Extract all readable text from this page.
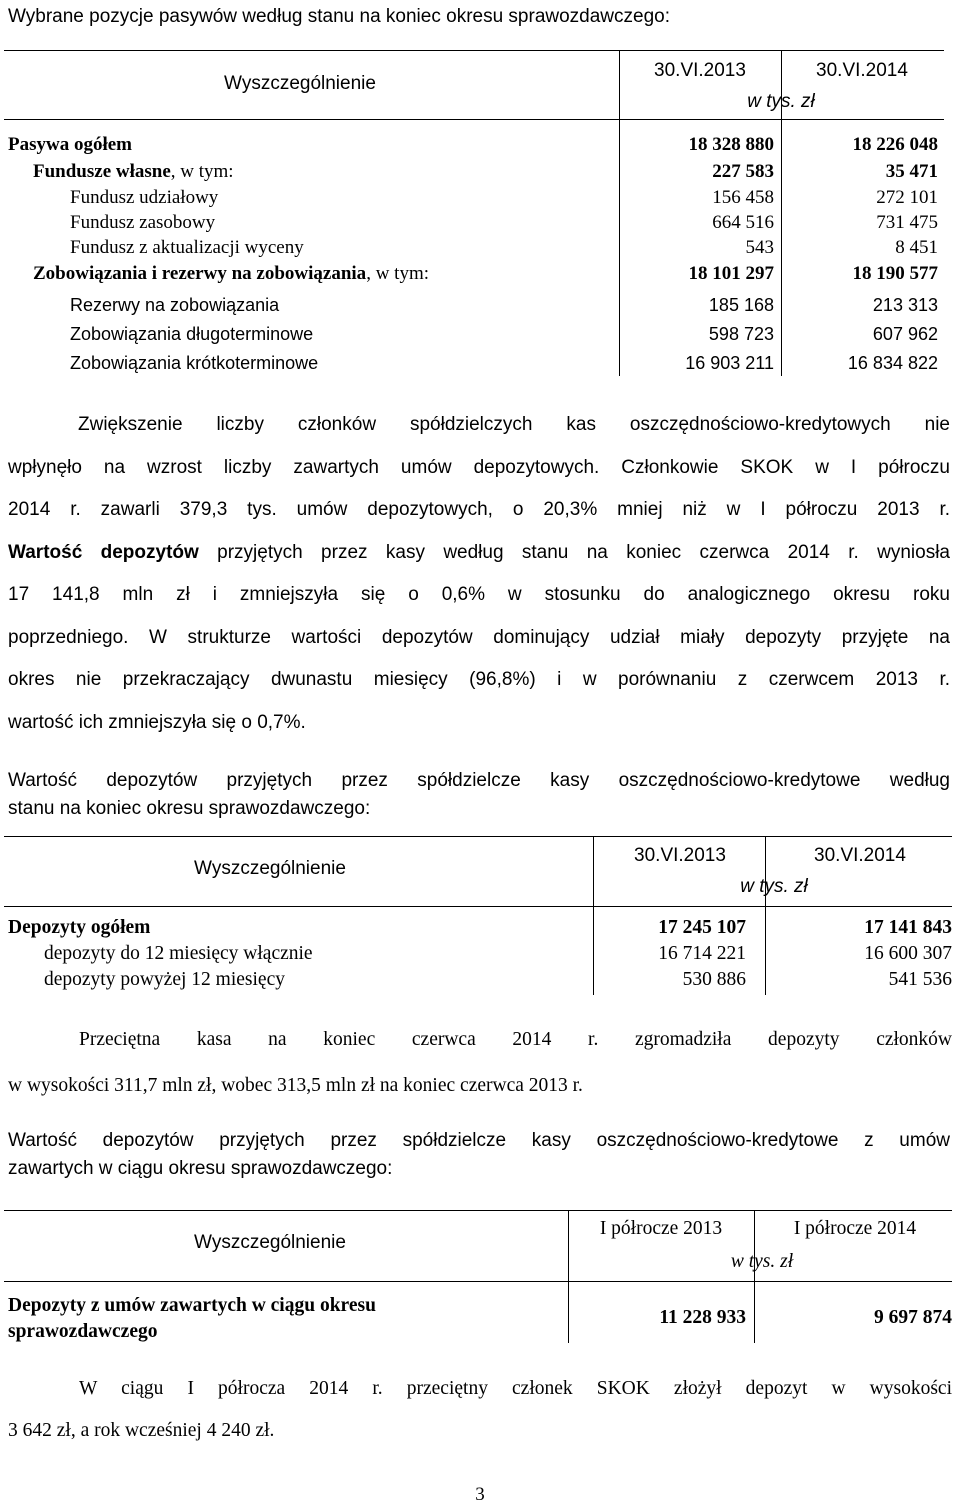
Wybrane pozycje pasywów według stanu na koniec okresu sprawozdawczego:
Wyszczególnienie
30.VI.2013	30.VI.2014
w tys. zł
Pasywa ogółem	18 328 880	18 226 048
Fundusze własne, w tym:	227 583	35 471
Fundusz udziałowy	156 458	272 101
Fundusz zasobowy	664 516	731 475
Fundusz z aktualizacji wyceny	543	8 451
Zobowiązania i rezerwy na zobowiązania, w tym:	18 101 297	18 190 577
Rezerwy na zobowiązania	185 168	213 313
Zobowiązania długoterminowe	598 723	607 962
Zobowiązania krótkoterminowe	16 903 211	16 834 822
Zwiększenie liczby członków spółdzielczych kas oszczędnościowo-kredytowych nie
wpłynęło na wzrost liczby zawartych umów depozytowych. Członkowie SKOK w I półroczu
2014 r. zawarli 379,3 tys. umów depozytowych, o 20,3% mniej niż w I półroczu 2013 r.
Wartość depozytów przyjętych przez kasy według stanu na koniec czerwca 2014 r. wyniosła
17 141,8 mln zł i zmniejszyła się o 0,6% w stosunku do analogicznego okresu roku
poprzedniego. W strukturze wartości depozytów dominujący udział miały depozyty przyjęte na
okres nie przekraczający dwunastu miesięcy (96,8%) i w porównaniu z czerwcem 2013 r.
wartość ich zmniejszyła się o 0,7%.
Wartość depozytów przyjętych przez spółdzielcze kasy oszczędnościowo-kredytowe według
stanu na koniec okresu sprawozdawczego:
Wyszczególnienie
30.VI.2013	30.VI.2014
w tys. zł
Depozyty ogółem	17 245 107	17 141 843
depozyty do 12 miesięcy włącznie	16 714 221	16 600 307
depozyty powyżej 12 miesięcy	530 886	541 536
Przeciętna kasa na koniec czerwca 2014 r. zgromadziła depozyty członków
w wysokości 311,7 mln zł, wobec 313,5 mln zł na koniec czerwca 2013 r.
Wartość depozytów przyjętych przez spółdzielcze kasy oszczędnościowo-kredytowe z umów
zawartych w ciągu okresu sprawozdawczego:
Wyszczególnienie
I półrocze 2013	I półrocze 2014
w tys. zł
Depozyty z umów zawartych w ciągu okresu
sprawozdawczego
11 228 933	9 697 874
W ciągu I półrocza 2014 r. przeciętny członek SKOK złożył depozyt w wysokości
3 642 zł, a rok wcześniej 4 240 zł.
3
